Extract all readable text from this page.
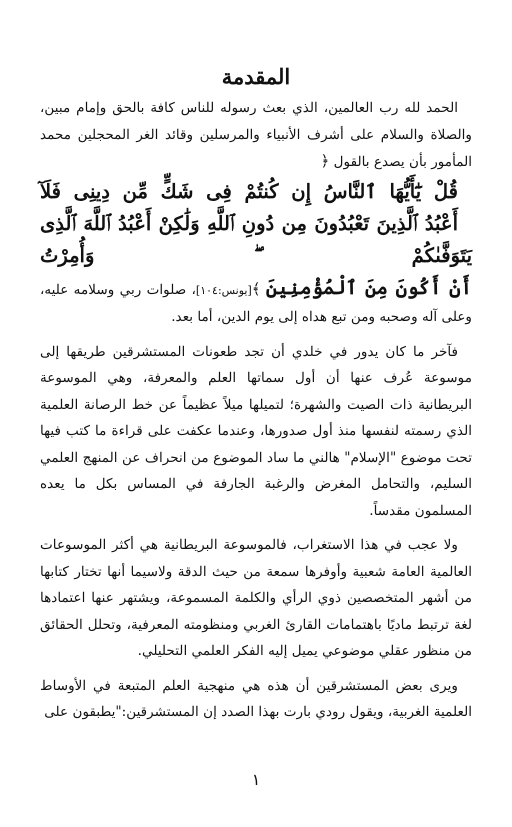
المقدمة

الحمد لله رب العالمين، الذي بعث رسوله للناس كافة بالحق وإمام مبين، والصلاة والسلام على أشرف الأنبياء والمرسلين وقائد الغر المحجلين محمد المأمور بأن يصدع بالقول ﴿
قُلْ يَٰٓأَيُّهَا ٱلنَّاسُ إِن كُنتُمْ فِى شَكٍّ مِّن دِينِى فَلَآ
أَعْبُدُ ٱلَّذِينَ تَعْبُدُونَ مِن دُونِ ٱللَّهِ وَلَٰكِنْ أَعْبُدُ ٱللَّهَ ٱلَّذِى يَتَوَفَّىٰكُمْ ۖ وَأُمِرْتُ
أَنْ أَكُونَ مِنَ ٱلْمُؤْمِنِينَ ﴾[يونس:١٠٤]، صلوات ربي وسلامه عليه، وعلى آله وصحبه ومن تبع هداه إلى يوم الدين، أما بعد.

فآخر ما كان يدور في خلدي أن تجد طعونات المستشرقين طريقها إلى موسوعة عُرف عنها أن أول سماتها العلم والمعرفة، وهي الموسوعة البريطانية ذات الصيت والشهرة؛ لتميلها ميلاً عظيماً عن خط الرصانة العلمية الذي رسمته لنفسها منذ أول صدورها، وعندما عكفت على قراءة ما كتب فيها تحت موضوع "الإسلام" هالني ما ساد الموضوع من انحراف عن المنهج العلمي السليم، والتحامل المغرض والرغبة الجارفة في المساس بكل ما يعده المسلمون مقدساً.

ولا عجب في هذا الاستغراب، فالموسوعة البريطانية هي أكثر الموسوعات العالمية العامة شعبية وأوفرها سمعة من حيث الدقة ولاسيما أنها تختار كتابها من أشهر المتخصصين ذوي الرأي والكلمة المسموعة، ويشتهر عنها اعتمادها لغة ترتبط ماديًا باهتمامات القارئ الغربي ومنظومته المعرفية، وتحلل الحقائق من منظور عقلي موضوعي يميل إليه الفكر العلمي التحليلي.

ويرى بعض المستشرقين أن هذه هي منهجية العلم المتبعة في الأوساط العلمية الغربية، ويقول رودي بارت بهذا الصدد إن المستشرقين:"يطبقون على

١
